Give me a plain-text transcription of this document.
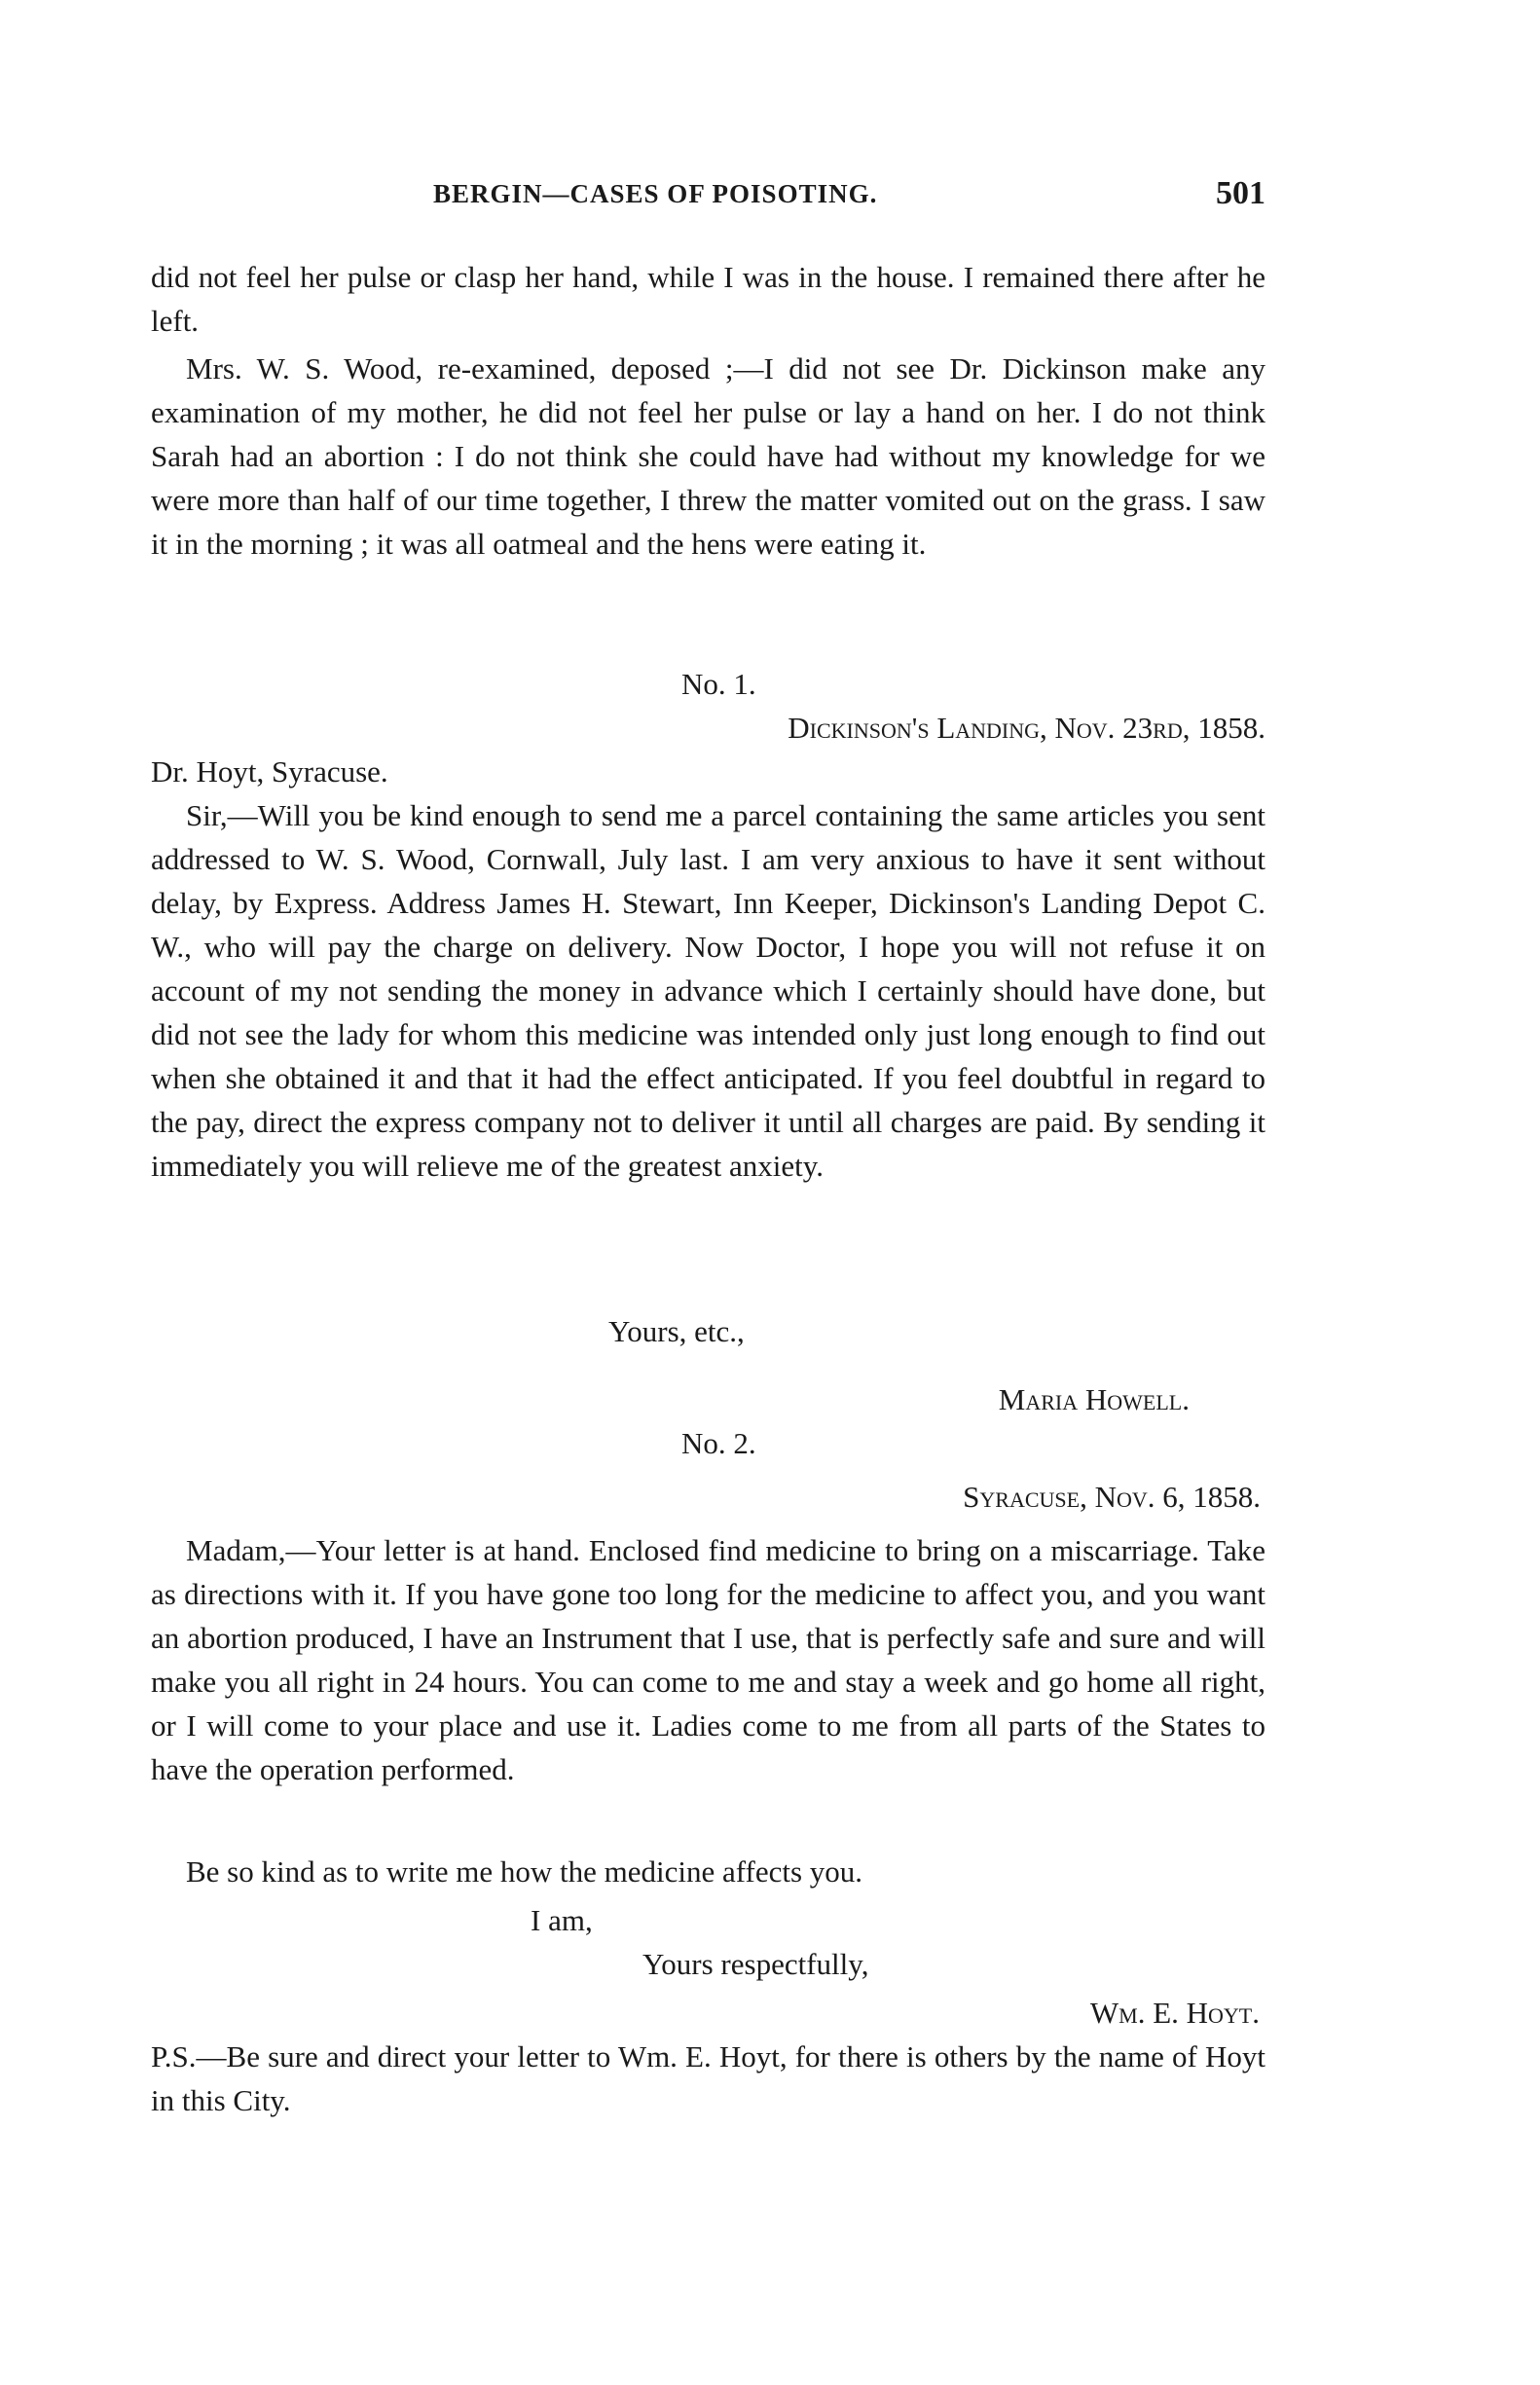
BERGIN—CASES OF POISOTING.	501
did not feel her pulse or clasp her hand, while I was in the house. I remained there after he left.
Mrs. W. S. Wood, re-examined, deposed ;—I did not see Dr. Dickinson make any examination of my mother, he did not feel her pulse or lay a hand on her. I do not think Sarah had an abortion : I do not think she could have had without my knowledge for we were more than half of our time together, I threw the matter vomited out on the grass. I saw it in the morning ; it was all oatmeal and the hens were eating it.
No. 1.
Dickinson's Landing, Nov. 23rd, 1858.
Dr. Hoyt, Syracuse.
Sir,—Will you be kind enough to send me a parcel containing the same articles you sent addressed to W. S. Wood, Cornwall, July last. I am very anxious to have it sent without delay, by Express. Address James H. Stewart, Inn Keeper, Dickinson's Landing Depot C. W., who will pay the charge on delivery. Now Doctor, I hope you will not refuse it on account of my not sending the money in advance which I certainly should have done, but did not see the lady for whom this medicine was intended only just long enough to find out when she obtained it and that it had the effect anticipated. If you feel doubtful in regard to the pay, direct the express company not to deliver it until all charges are paid. By sending it immediately you will relieve me of the greatest anxiety.
Yours, etc.,
Maria Howell.
No. 2.
Syracuse, Nov. 6, 1858.
Madam,—Your letter is at hand. Enclosed find medicine to bring on a miscarriage. Take as directions with it. If you have gone too long for the medicine to affect you, and you want an abortion produced, I have an Instrument that I use, that is perfectly safe and sure and will make you all right in 24 hours. You can come to me and stay a week and go home all right, or I will come to your place and use it. Ladies come to me from all parts of the States to have the operation performed.
Be so kind as to write me how the medicine affects you.
I am,
Yours respectfully,
Wm. E. Hoyt.
P.S.—Be sure and direct your letter to Wm. E. Hoyt, for there is others by the name of Hoyt in this City.
